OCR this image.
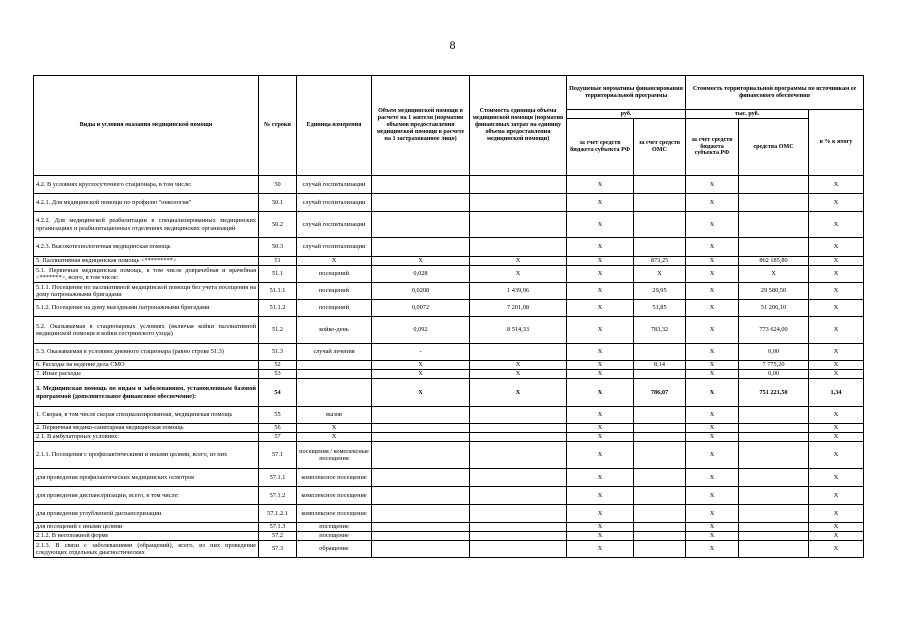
8
Виды и условия оказания медицинской помощи	№ строки	Единица измерения	Объем медицинской помощи в расчете на 1 жителя (норматив объемов предоставления медицинской помощи в расчете на 1 застрахованное лицо)	Стоимость единицы объема медицинской помощи (норматив финансовых затрат на единицу объема предоставления медицинской помощи)	Подушевые нормативы финансирования территориальной программы		Стоимость территориальной программы по источникам ее финансового обеспечения		
					руб.		тыс. руб.		в % к итогу
					за счет средств бюджета субъекта РФ	за счет средств ОМС	за счет средств бюджета субъекта РФ	средства ОМС	
4.2. В условиях круглосуточного стационара, в том числе:	50	случай госпитализации			X		X		X
4.2.1. Для медицинской помощи по профилю "онкология"	50.1	случай госпитализации			X		X		X
4.2.2. Для медицинской реабилитации в специализированных медицинских организациях и реабилитационных отделениях медицинских организаций	50.2	случай госпитализации			X		X		X
4.2.3. Высокотехнологичная медицинская помощь	50.3	случай госпитализации			X		X		X
5. Паллиативная медицинская помощь <*********>	51	X	X	X	X	873,25	X	862 185,80	X
5.1. Первичная медицинская помощь, в том числе доврачебная и врачебная <*******>, всего, в том числе:	51.1	посещений	0,028	X	X	X	X	X	X
5.1.1. Посещение по паллиативной медицинской помощи без учета посещения на дому патронажными бригадами	51.1.1	посещений	0,0208	1 439,96	X	29,95	X	29 580,50	X
5.1.2. Посещение на дому выездными патронажными бригадами	51.1.2	посещений	0,0072	7 201,08	X	51,85	X	51 206,10	X
5.2. Оказываемая в стационарных условиях (включая койки паллиативной медицинской помощи и койки сестринского ухода)	51.2	койко-день	0,092	8 514,33	X	783,32	X	773 624,00	X
5.3. Оказываемая в условиях дневного стационара (равно строке 51.3)	51.3	случай лечения	-		X		X	0,00	X
6. Расходы на ведение дела СМО	52		X	X	X	8,14	X	7 775,20	X
7. Иные расходы	53		X	X	X		X	0,00	X
3. Медицинская помощь по видам и заболеваниям, установленным базовой программой (дополнительное финансовое обеспечение):	54		X	X	X	786,07	X	751 221,50	1,34
1. Скорая, в том числе скорая специализированная, медицинская помощь	55	вызов			X		X		X
2. Первичная медико-санитарная медицинская помощь	56	X			X		X		X
2.1. В амбулаторных условиях:	57	X			X		X		X
2.1.1. Посещения с профилактическими и иными целями, всего, из них	57.1	посещения / комплексные посещения			X		X		X
для проведения профилактических медицинских осмотров	57.1.1	комплексное посещение			X		X		X
для проведения диспансеризации, всего, в том числе:	57.1.2	комплексное посещение			X		X		X
для проведения углубленной диспансеризации	57.1.2.1	комплексное посещение			X		X		X
для посещений с иными целями	57.1.3	посещение			X		X		X
2.1.2. В неотложной форме	57.2	посещение			X		X		X
2.1.3. В связи с заболеваниями (обращений), всего, из них проведение следующих отдельных диагностических	57.3	обращение			X		X		X
